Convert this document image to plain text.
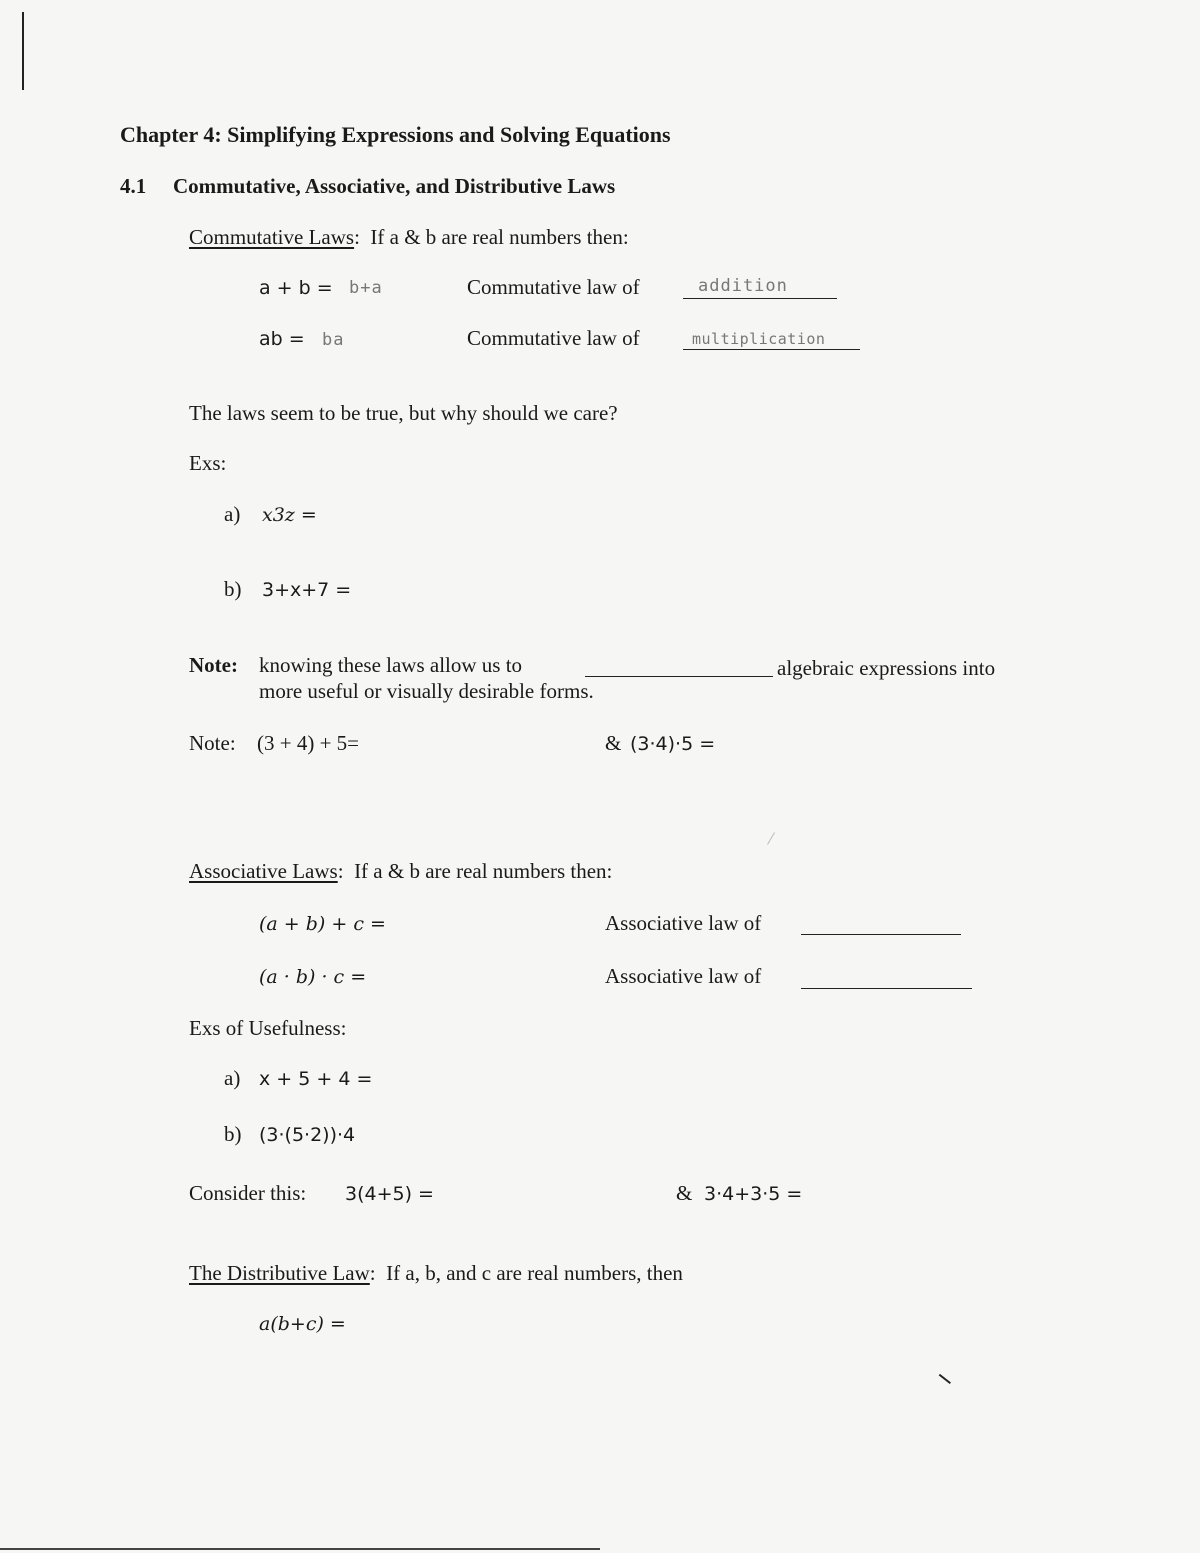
Chapter 4: Simplifying Expressions and Solving Equations
4.1 Commutative, Associative, and Distributive Laws
Commutative Laws:  If a & b are real numbers then:
a + b = b+a	Commutative law of	addition
ab = ba	Commutative law of	multiplication
The laws seem to be true, but why should we care?
Exs:
a) x3z =
b) 3+x+7 =
Note: knowing these laws allow us to	algebraic expressions into
more useful or visually desirable forms.
Note: (3 + 4) + 5=	& (3·4)·5 =
Associative Laws:  If a & b are real numbers then:
(a + b) + c =	Associative law of
(a · b) · c =	Associative law of
Exs of Usefulness:
a) x + 5 + 4 =
b) (3·(5·2))·4
Consider this: 3(4+5) =	& 3·4+3·5 =
The Distributive Law:  If a, b, and c are real numbers, then
a(b+c) =
